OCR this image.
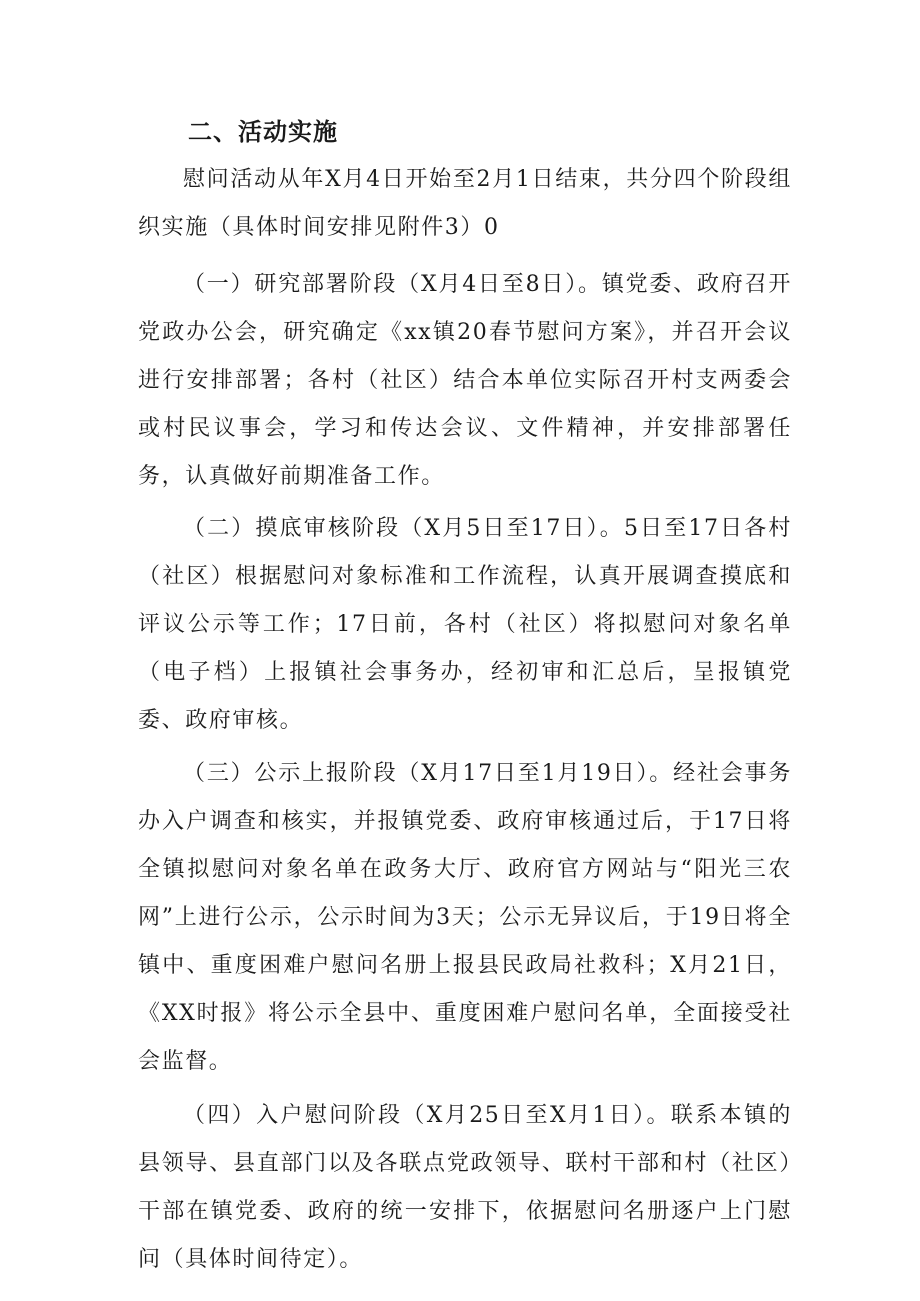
二、活动实施

慰问活动从年X月4日开始至2月1日结束，共分四个阶段组织实施（具体时间安排见附件3）0

（一）研究部署阶段（X月4日至8日）。镇党委、政府召开党政办公会，研究确定《xx镇20春节慰问方案》，并召开会议进行安排部署；各村（社区）结合本单位实际召开村支两委会或村民议事会，学习和传达会议、文件精神，并安排部署任务，认真做好前期准备工作。

（二）摸底审核阶段（X月5日至17日）。5日至17日各村（社区）根据慰问对象标准和工作流程，认真开展调查摸底和评议公示等工作；17日前，各村（社区）将拟慰问对象名单（电子档）上报镇社会事务办，经初审和汇总后，呈报镇党委、政府审核。

（三）公示上报阶段（X月17日至1月19日）。经社会事务办入户调查和核实，并报镇党委、政府审核通过后，于17日将全镇拟慰问对象名单在政务大厅、政府官方网站与“阳光三农网”上进行公示，公示时间为3天；公示无异议后，于19日将全镇中、重度困难户慰问名册上报县民政局社救科；X月21日，《XX时报》将公示全县中、重度困难户慰问名单，全面接受社会监督。

（四）入户慰问阶段（X月25日至X月1日）。联系本镇的县领导、县直部门以及各联点党政领导、联村干部和村（社区）干部在镇党委、政府的统一安排下，依据慰问名册逐户上门慰问（具体时间待定）。
